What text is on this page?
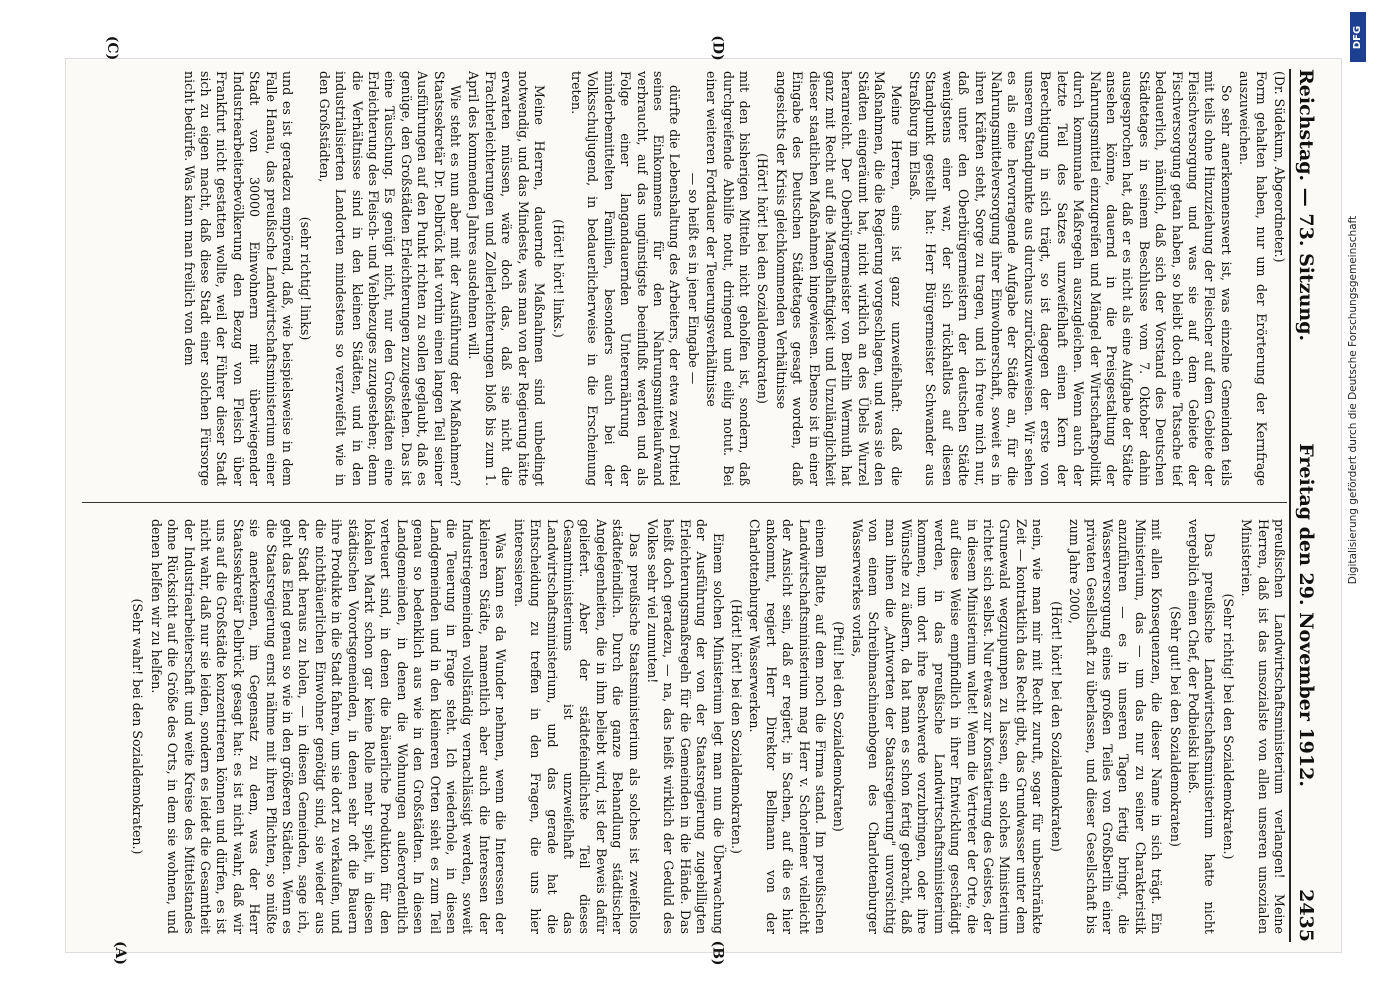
Reichstag. — 73. Sitzung.
Freitag den 29. November 1912.
2435

(Dr. Südekum, Abgeordneter.)

Form gehalten haben, nur um der Erörterung der Kernfrage auszuweichen.

So sehr anerkennenswert ist, was einzelne Gemeinden teils mit teils ohne Hinzuziehung der Fleischer auf dem Gebiete der Fleischversorgung und was sie auf dem Gebiete der Fischversorgung getan haben, so bleibt doch eine Tatsache tief bedauerlich, nämlich, daß sich der Vorstand des Deutschen Städtetages in seinem Beschlusse vom 7. Oktober dahin ausgesprochen hat, daß er es nicht als eine Aufgabe der Städte ansehen könne, dauernd in die Preisgestaltung der Nahrungsmittel einzugreifen und Mängel der Wirtschaftspolitik durch kommunale Maßregeln auszugleichen. Wenn auch der letzte Teil des Satzes unzweifelhaft einen Kern der Berechtigung in sich trägt, so ist dagegen der erste von unserem Standpunkte aus durchaus zurückzuweisen. Wir sehen es als eine hervorragende Aufgabe der Städte an, für die Nahrungsmittelversorgung ihrer Einwohnerschaft, soweit es in ihren Kräften steht, Sorge zu tragen, und ich freue mich nur, daß unter den Oberbürgermeistern der deutschen Städte wenigstens einer war, der sich rückhaltlos auf diesen Standpunkt gestellt hat: Herr Bürgermeister Schwander aus Straßburg im Elsaß.

Meine Herren, eins ist ganz unzweifelhaft: daß die Maßnahmen, die die Regierung vorgeschlagen, und was sie den Städten eingeräumt hat, nicht wirklich an des Übels Wurzel heranreicht. Der Oberbürgermeister von Berlin Wermuth hat ganz mit Recht auf die Mangelhaftigkeit und Unzulänglichkeit dieser staatlichen Maßnahmen hingewiesen. Ebenso ist in einer Eingabe des Deutschen Städtetages gesagt worden, daß angesichts der Krisis gleichkommenden Verhältnisse

(Hört! hört! bei den Sozialdemokraten)

mit den bisherigen Mitteln nicht geholfen ist, sondern, daß durchgreifende Abhilfe notut, dringend und eilig notut. Bei einer weiteren Fortdauer der Teuerungsverhältnisse

— so heißt es in jener Eingabe —

dürfte die Lebenshaltung des Arbeiters, der etwa zwei Drittel seines Einkommens für den Nahrungsmittelaufwand verbraucht, auf das ungünstigste beeinflußt werden und als Folge einer langandauernden Unterernährung der minderbemittelten Familien, besonders auch bei der Volksschuljugend, in bedauerlicherweise in die Erscheinung treten.

(Hört! hört! links.)

Meine Herren, dauernde Maßnahmen sind unbedingt notwendig, und das Mindeste, was man von der Regierung hätte erwarten müssen, wäre doch das, daß sie nicht die Frachterleichterungen und Zollerleichterungen bloß bis zum 1. April des kommenden Jahres ausdehnen will.

Wie steht es nun aber mit der Ausführung der Maßnahmen? Staatssekretär Dr. Delbrück hat vorhin einen langen Teil seiner Ausführungen auf den Punkt richten zu sollen geglaubt, daß es genüge, den Großstädten Erleichterungen zuzugestehen. Das ist eine Täuschung. Es genügt nicht, nur den Großstädten eine Erleichterung des Fleisch- und Viehbezuges zuzugestehen; denn die Verhältnisse sind in den kleinen Städten, und in den industrialisierten Landorten mindestens so verzweifelt wie in den Großstädten,

(sehr richtig! links)

und es ist geradezu empörend, daß, wie beispielsweise in dem Falle Hanau, das preußische Landwirtschaftsministerium einer Stadt von 30000 Einwohnern mit überwiegender Industriearbeiterbevölkerung den Bezug von Fleisch über Frankfurt nicht gestatten wollte, weil der Führer dieser Stadt sich zu eigen macht, daß diese Stadt einer solchen Fürsorge nicht bedürfe. Was kann man freilich von dem

preußischen Landwirtschaftsministerium verlangen! Meine Herren, daß ist das unsozialste von allen unseren unsozialen Ministerien.

(Sehr richtig! bei den Sozialdemokraten.)

Das preußische Landwirtschaftsministerium hatte nicht vergeblich einen Chef, der Podbielski hieß.

(Sehr gut! bei den Sozialdemokraten)

mit allen Konsequenzen, die dieser Name in sich trägt. Ein Ministerium, das — um das nur zu seiner Charakteristik anzuführen — es in unseren Tagen fertig bringt, die Wasserversorgung eines großen Teiles von Großberlin einer privaten Gesellschaft zu überlassen, und dieser Gesellschaft bis zum Jahre 2000,

(Hört! hört! bei den Sozialdemokraten)

nein, wie man mir mit Recht zuruft, sogar für unbeschränkte Zeit — kontraktlich das Recht gibt, das Grundwasser unter dem Grunewald wegzupumpen zu lassen, ein solches Ministerium richtet sich selbst. Nur etwas zur Konstatierung des Geistes, der in diesem Ministerium waltet! Wenn die Vertreter der Orte, die auf diese Weise empfindlich in ihrer Entwicklung geschädigt werden, in das preußische Landwirtschaftsministerium kommen, um dort ihre Beschwerde vorzubringen, oder ihre Wünsche zu äußern, da hat man es schon fertig gebracht, daß man ihnen die „Antworten der Staatsregierung" unvorsichtig von einem Schreibmaschinenbogen des Charlottenburger Wasserwerkes vorlas,

(Pfui! bei den Sozialdemokraten)

einem Blatte, auf dem noch die Firma stand. Im preußischen Landwirtschaftsministerium mag Herr v. Schorlemer vielleicht der Ansicht sein, daß er regiert; in Sachen, auf die es hier ankommt, regiert Herr Direktor Bellmann von der Charlottenburger Wasserwerken.

(Hört! hört! bei den Sozialdemokraten.)

Einem solchen Ministerium legt man nun die Überwachung der Ausführung der von der Staatsregierung zugebilligten Erleichterungsmaßregeln für die Gemeinden in die Hände. Das heißt doch geradezu, — na, das heißt wirklich der Geduld des Volkes sehr viel zumuten!

Das preußische Staatsministerium als solches ist zweifellos städtefeindlich. Durch die ganze Behandlung städtischer Angelegenheiten, die in ihm beliebt wird, ist der Beweis dafür geliefert. Aber der städtefeindlichste Teil dieses Gesamtministeriums ist unzweifelhaft das Landwirtschaftsministerium, und das gerade hat die Entscheidung zu treffen in den Fragen, die uns hier interessieren.

Was kann es da Wunder nehmen, wenn die Interessen der kleineren Städte, namentlich aber auch die Interessen der Industriegemeinden vollständig vernachlässigt werden, soweit die Teuerung in Frage steht. Ich wiederhole, in diesen Landgemeinden und in den kleineren Orten sieht es zum Teil genau so bedenklich aus wie in den Großstädten. In diesen Landgemeinden, in denen die Wohnungen außerordentlich verteuert sind, in denen die bäuerliche Produktion für den lokalen Markt schon gar keine Rolle mehr spielt, in diesen städtischen Vorortsgemeinden, in denen sehr oft die Bauern ihre Produkte in die Stadt fahren, um sie dort zu verkaufen, und die nichtbäuerlichen Einwohner genötigt sind, sie wieder aus der Stadt heraus zu holen, — in diesen Gemeinden, sage ich, geht das Elend genau so wie in den größeren Städten. Wenn es die Staatsregierung ernst nähme mit ihren Pflichten, so müßte sie anerkennen, im Gegensatz zu dem, was der Herr Staatssekretär Delbrück gesagt hat: es ist nicht wahr, daß wir uns auf die Großstädte konzentrieren können und dürfen, es ist nicht wahr, daß nur sie leiden, sondern es leidet die Gesamtheit der Industriearbeiterschaft und weite Kreise des Mittelstandes ohne Rücksicht auf die Größe des Orts, in dem sie wohnen, und denen helfen wir zu helfen.

(Sehr wahr! bei den Sozialdemokraten.)

(A)	(B)
(C)	(D)	DFG
Digitalisierung gefördert durch die Deutsche Forschungsgemeinschaft
